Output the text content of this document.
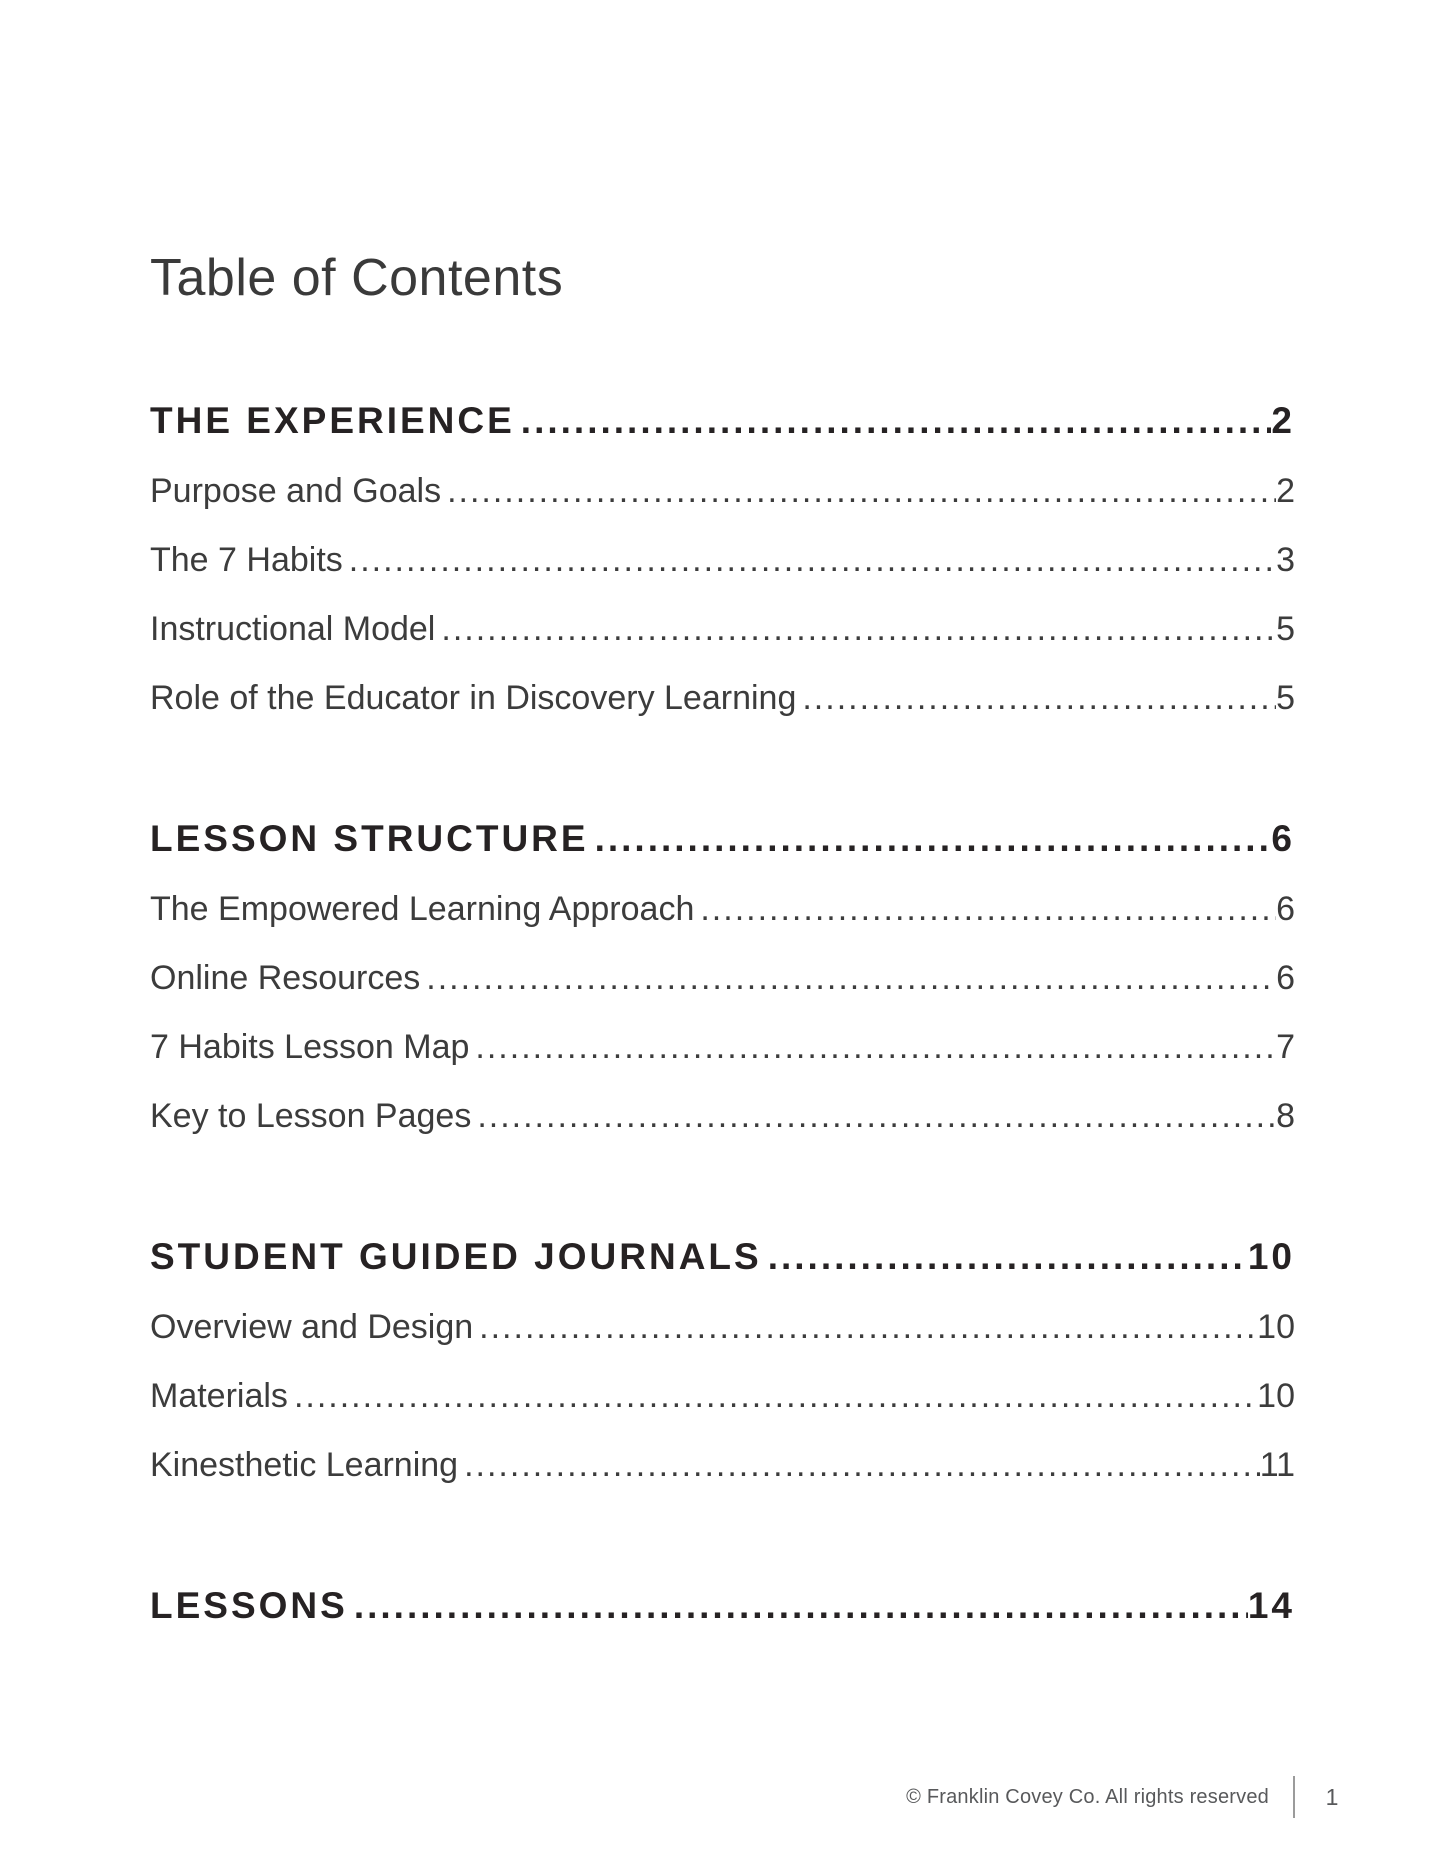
Table of Contents
THE EXPERIENCE .....	2
Purpose and Goals .....	2
The 7 Habits .....	3
Instructional Model .....	5
Role of the Educator in Discovery Learning .....	5
LESSON STRUCTURE .....	6
The Empowered Learning Approach .....	6
Online Resources .....	6
7 Habits Lesson Map .....	7
Key to Lesson Pages .....	8
STUDENT GUIDED JOURNALS .....	10
Overview and Design .....	10
Materials .....	10
Kinesthetic Learning .....	11
LESSONS .....	14
© Franklin Covey Co. All rights reserved 1
